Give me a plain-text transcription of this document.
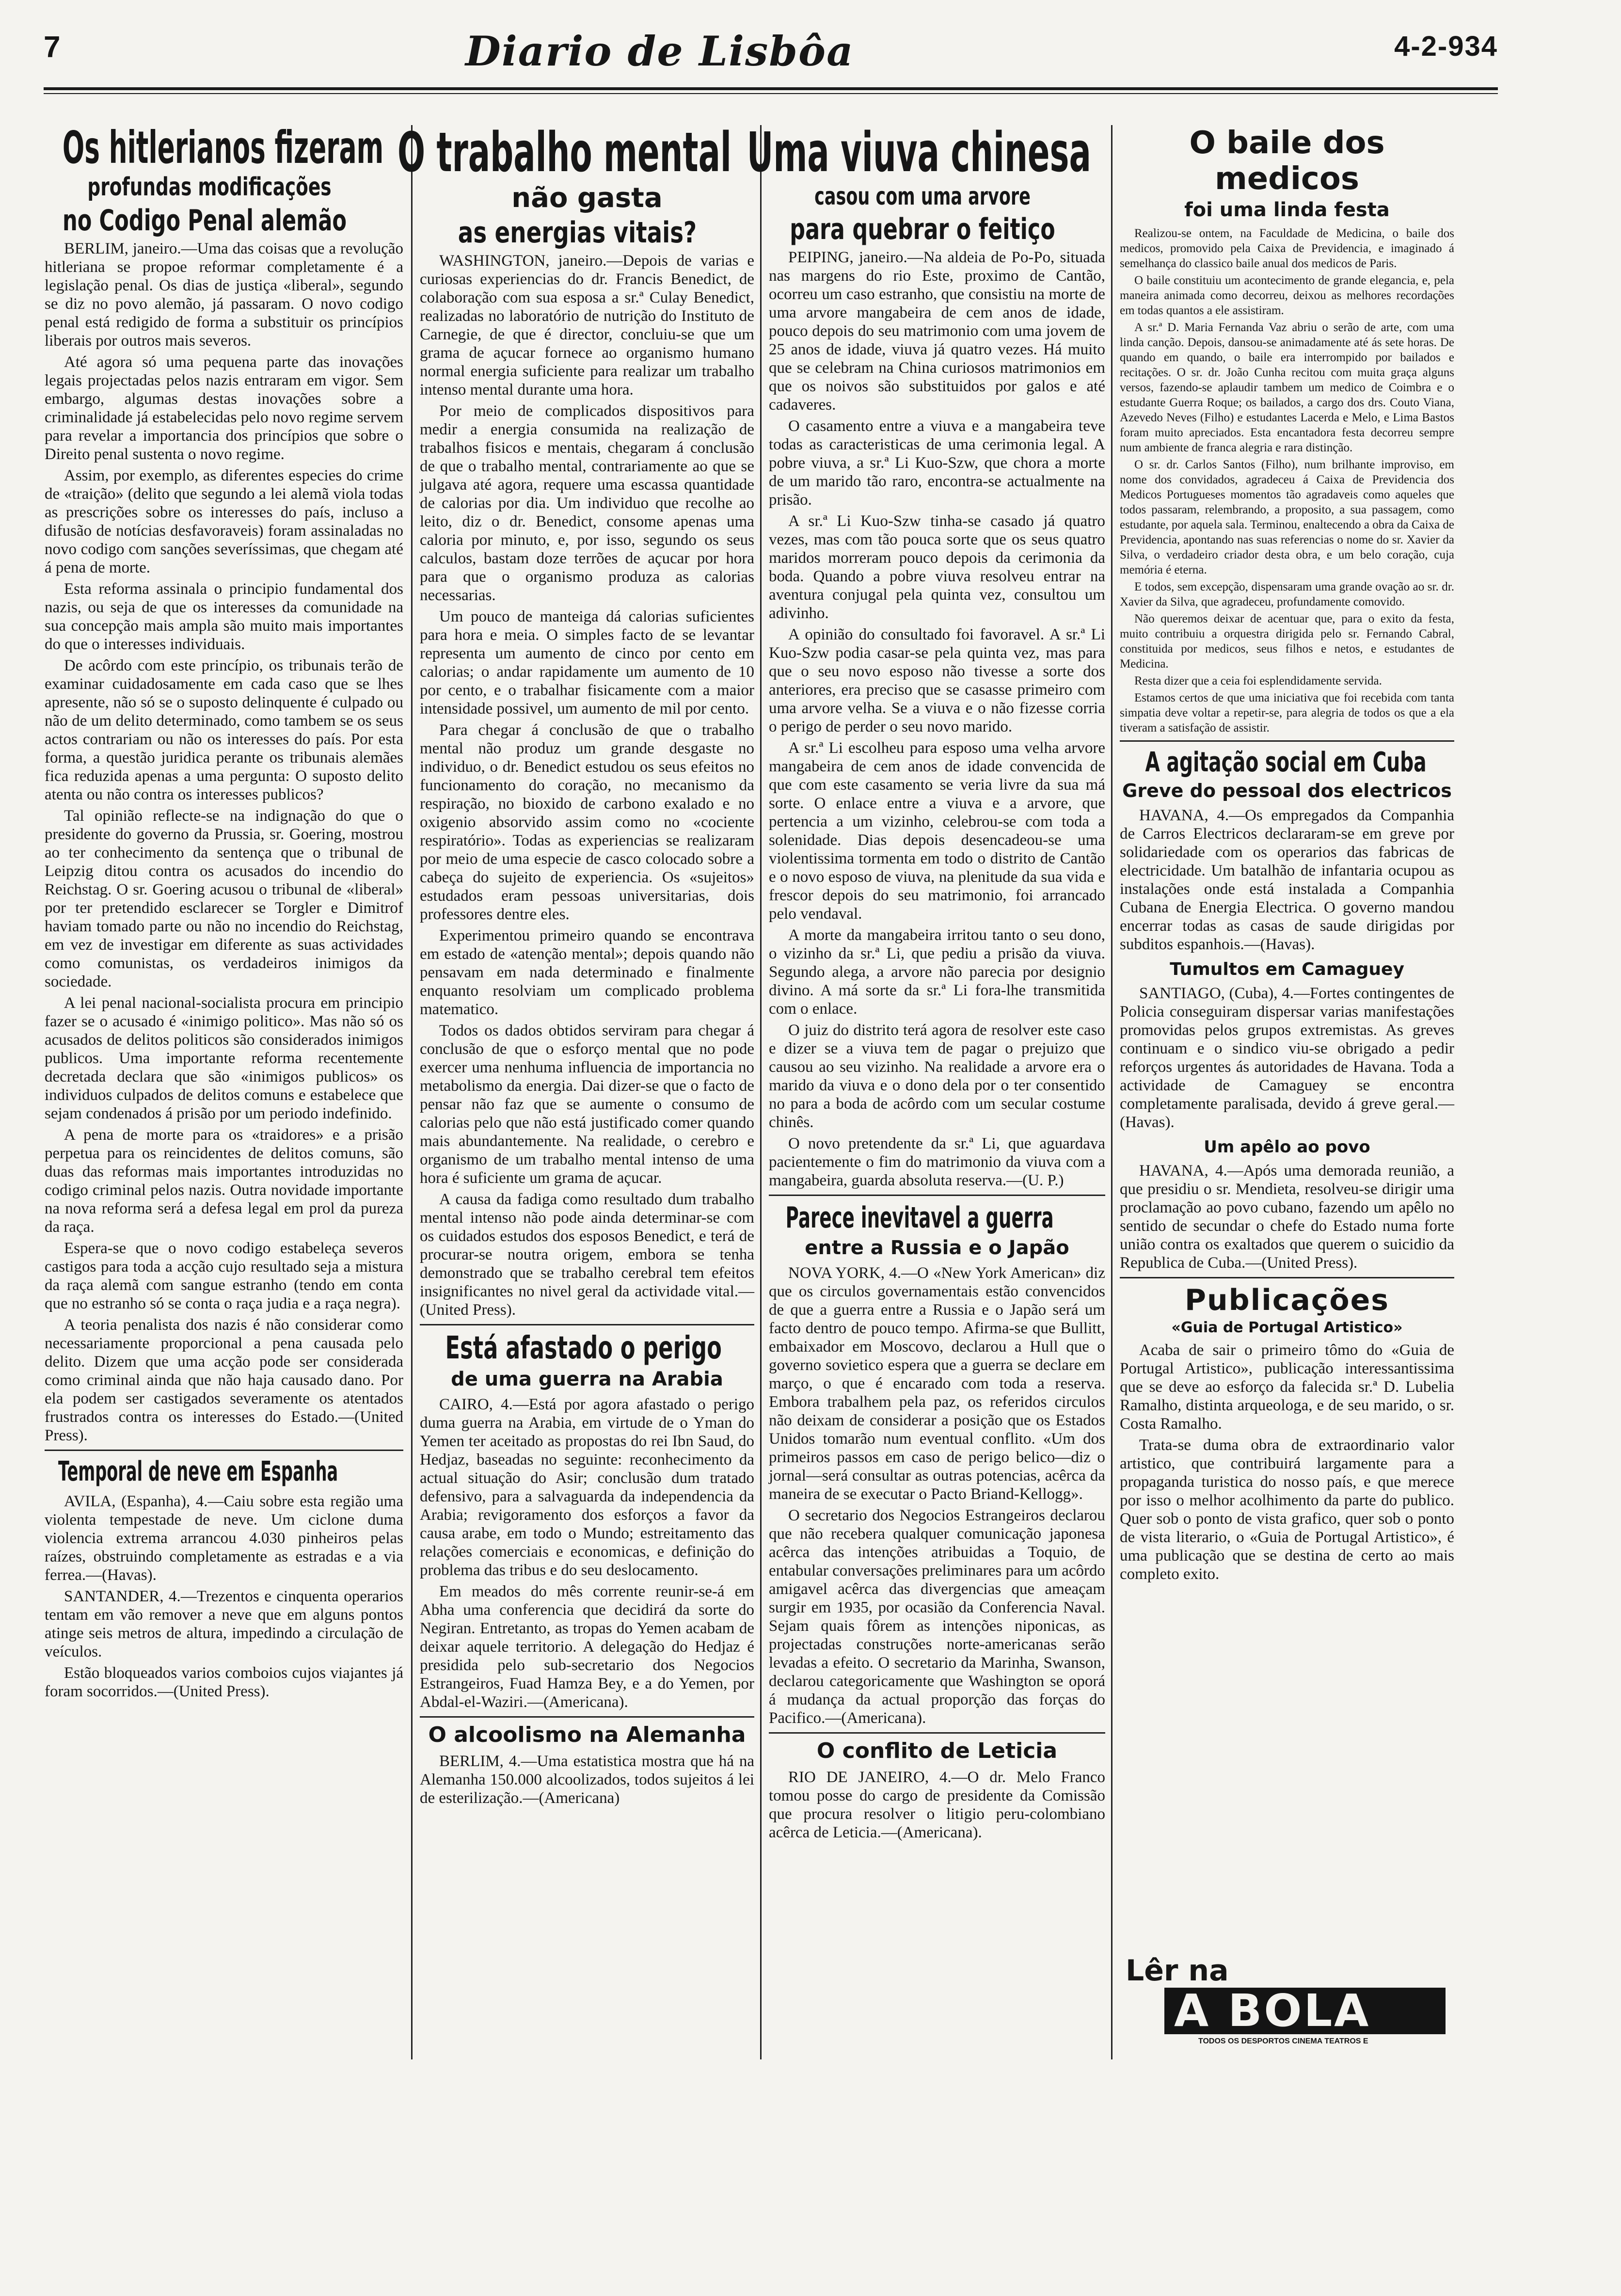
7	Diario de Lisbôa	4-2-934
Os hitlerianos fizeram
profundas modificações
no Codigo Penal alemão

BERLIM, janeiro.—Uma das coisas que a revolução hitleriana se propoe reformar completamente é a legislação penal. Os dias de justiça «liberal», segundo se diz no povo alemão, já passaram. O novo codigo penal está redigido de forma a substituir os princípios liberais por outros mais severos.

Até agora só uma pequena parte das inovações legais projectadas pelos nazis entraram em vigor. Sem embargo, algumas destas inovações sobre a criminalidade já estabelecidas pelo novo regime servem para revelar a importancia dos princípios que sobre o Direito penal sustenta o novo regime.

Assim, por exemplo, as diferentes especies do crime de «traição» (delito que segundo a lei alemã viola todas as prescrições sobre os interesses do país, incluso a difusão de notícias desfavoraveis) foram assinaladas no novo codigo com sanções severíssimas, que chegam até á pena de morte.

Esta reforma assinala o principio fundamental dos nazis, ou seja de que os interesses da comunidade na sua concepção mais ampla são muito mais importantes do que o interesses individuais.

De acôrdo com este princípio, os tribunais terão de examinar cuidadosamente em cada caso que se lhes apresente, não só se o suposto delinquente é culpado ou não de um delito determinado, como tambem se os seus actos contrariam ou não os interesses do país. Por esta forma, a questão juridica perante os tribunais alemães fica reduzida apenas a uma pergunta: O suposto delito atenta ou não contra os interesses publicos?

Tal opinião reflecte-se na indignação do que o presidente do governo da Prussia, sr. Goering, mostrou ao ter conhecimento da sentença que o tribunal de Leipzig ditou contra os acusados do incendio do Reichstag. O sr. Goering acusou o tribunal de «liberal» por ter pretendido esclarecer se Torgler e Dimitrof haviam tomado parte ou não no incendio do Reichstag, em vez de investigar em diferente as suas actividades como comunistas, os verdadeiros inimigos da sociedade.

A lei penal nacional-socialista procura em principio fazer se o acusado é «inimigo politico». Mas não só os acusados de delitos politicos são considerados inimigos publicos. Uma importante reforma recentemente decretada declara que são «inimigos publicos» os individuos culpados de delitos comuns e estabelece que sejam condenados á prisão por um periodo indefinido.

A pena de morte para os «traidores» e a prisão perpetua para os reincidentes de delitos comuns, são duas das reformas mais importantes introduzidas no codigo criminal pelos nazis. Outra novidade importante na nova reforma será a defesa legal em prol da pureza da raça.

Espera-se que o novo codigo estabeleça severos castigos para toda a acção cujo resultado seja a mistura da raça alemã com sangue estranho (tendo em conta que no estranho só se conta o raça judia e a raça negra).

A teoria penalista dos nazis é não considerar como necessariamente proporcional a pena causada pelo delito. Dizem que uma acção pode ser considerada como criminal ainda que não haja causado dano. Por ela podem ser castigados severamente os atentados frustrados contra os interesses do Estado.—(United Press).

Temporal de neve em Espanha

AVILA, (Espanha), 4.—Caiu sobre esta região uma violenta tempestade de neve. Um ciclone duma violencia extrema arrancou 4.030 pinheiros pelas raízes, obstruindo completamente as estradas e a via ferrea.—(Havas).

SANTANDER, 4.—Trezentos e cinquenta operarios tentam em vão remover a neve que em alguns pontos atinge seis metros de altura, impedindo a circulação de veículos.

Estão bloqueados varios comboios cujos viajantes já foram socorridos.—(United Press).

O trabalho mental
não gasta
as energias vitais?

WASHINGTON, janeiro.—Depois de varias e curiosas experiencias do dr. Francis Benedict, de colaboração com sua esposa a sr.ª Culay Benedict, realizadas no laboratório de nutrição do Instituto de Carnegie, de que é director, concluiu-se que um grama de açucar fornece ao organismo humano normal energia suficiente para realizar um trabalho intenso mental durante uma hora.

Por meio de complicados dispositivos para medir a energia consumida na realização de trabalhos fisicos e mentais, chegaram á conclusão de que o trabalho mental, contrariamente ao que se julgava até agora, requere uma escassa quantidade de calorias por dia. Um individuo que recolhe ao leito, diz o dr. Benedict, consome apenas uma caloria por minuto, e, por isso, segundo os seus calculos, bastam doze terrões de açucar por hora para que o organismo produza as calorias necessarias.

Um pouco de manteiga dá calorias suficientes para hora e meia. O simples facto de se levantar representa um aumento de cinco por cento em calorias; o andar rapidamente um aumento de 10 por cento, e o trabalhar fisicamente com a maior intensidade possivel, um aumento de mil por cento.

Para chegar á conclusão de que o trabalho mental não produz um grande desgaste no individuo, o dr. Benedict estudou os seus efeitos no funcionamento do coração, no mecanismo da respiração, no bioxido de carbono exalado e no oxigenio absorvido assim como no «cociente respiratório». Todas as experiencias se realizaram por meio de uma especie de casco colocado sobre a cabeça do sujeito de experiencia. Os «sujeitos» estudados eram pessoas universitarias, dois professores dentre eles.

Experimentou primeiro quando se encontrava em estado de «atenção mental»; depois quando não pensavam em nada determinado e finalmente enquanto resolviam um complicado problema matematico.

Todos os dados obtidos serviram para chegar á conclusão de que o esforço mental que no pode exercer uma nenhuma influencia de importancia no metabolismo da energia. Dai dizer-se que o facto de pensar não faz que se aumente o consumo de calorias pelo que não está justificado comer quando mais abundantemente. Na realidade, o cerebro e organismo de um trabalho mental intenso de uma hora é suficiente um grama de açucar.

A causa da fadiga como resultado dum trabalho mental intenso não pode ainda determinar-se com os cuidados estudos dos esposos Benedict, e terá de procurar-se noutra origem, embora se tenha demonstrado que se trabalho cerebral tem efeitos insignificantes no nivel geral da actividade vital.—(United Press).

Está afastado o perigo
de uma guerra na Arabia

CAIRO, 4.—Está por agora afastado o perigo duma guerra na Arabia, em virtude de o Yman do Yemen ter aceitado as propostas do rei Ibn Saud, do Hedjaz, baseadas no seguinte: reconhecimento da actual situação do Asir; conclusão dum tratado defensivo, para a salvaguarda da independencia da Arabia; revigoramento dos esforços a favor da causa arabe, em todo o Mundo; estreitamento das relações comerciais e economicas, e definição do problema das tribus e do seu deslocamento.

Em meados do mês corrente reunir-se-á em Abha uma conferencia que decidirá da sorte do Negiran. Entretanto, as tropas do Yemen acabam de deixar aquele territorio. A delegação do Hedjaz é presidida pelo sub-secretario dos Negocios Estrangeiros, Fuad Hamza Bey, e a do Yemen, por Abdal-el-Waziri.—(Americana).

O alcoolismo na Alemanha

BERLIM, 4.—Uma estatistica mostra que há na Alemanha 150.000 alcoolizados, todos sujeitos á lei de esterilização.—(Americana)

Uma viuva chinesa
casou com uma arvore
para quebrar o feitiço

PEIPING, janeiro.—Na aldeia de Po-Po, situada nas margens do rio Este, proximo de Cantão, ocorreu um caso estranho, que consistiu na morte de uma arvore mangabeira de cem anos de idade, pouco depois do seu matrimonio com uma jovem de 25 anos de idade, viuva já quatro vezes. Há muito que se celebram na China curiosos matrimonios em que os noivos são substituidos por galos e até cadaveres.

O casamento entre a viuva e a mangabeira teve todas as caracteristicas de uma cerimonia legal. A pobre viuva, a sr.ª Li Kuo-Szw, que chora a morte de um marido tão raro, encontra-se actualmente na prisão.

A sr.ª Li Kuo-Szw tinha-se casado já quatro vezes, mas com tão pouca sorte que os seus quatro maridos morreram pouco depois da cerimonia da boda. Quando a pobre viuva resolveu entrar na aventura conjugal pela quinta vez, consultou um adivinho.

A opinião do consultado foi favoravel. A sr.ª Li Kuo-Szw podia casar-se pela quinta vez, mas para que o seu novo esposo não tivesse a sorte dos anteriores, era preciso que se casasse primeiro com uma arvore velha. Se a viuva e o não fizesse corria o perigo de perder o seu novo marido.

A sr.ª Li escolheu para esposo uma velha arvore mangabeira de cem anos de idade convencida de que com este casamento se veria livre da sua má sorte. O enlace entre a viuva e a arvore, que pertencia a um vizinho, celebrou-se com toda a solenidade. Dias depois desencadeou-se uma violentissima tormenta em todo o distrito de Cantão e o novo esposo de viuva, na plenitude da sua vida e frescor depois do seu matrimonio, foi arrancado pelo vendaval.

A morte da mangabeira irritou tanto o seu dono, o vizinho da sr.ª Li, que pediu a prisão da viuva. Segundo alega, a arvore não parecia por designio divino. A má sorte da sr.ª Li fora-lhe transmitida com o enlace.

O juiz do distrito terá agora de resolver este caso e dizer se a viuva tem de pagar o prejuizo que causou ao seu vizinho. Na realidade a arvore era o marido da viuva e o dono dela por o ter consentido no para a boda de acôrdo com um secular costume chinês.

O novo pretendente da sr.ª Li, que aguardava pacientemente o fim do matrimonio da viuva com a mangabeira, guarda absoluta reserva.—(U. P.)

Parece inevitavel a guerra
entre a Russia e o Japão

NOVA YORK, 4.—O «New York American» diz que os circulos governamentais estão convencidos de que a guerra entre a Russia e o Japão será um facto dentro de pouco tempo. Afirma-se que Bullitt, embaixador em Moscovo, declarou a Hull que o governo sovietico espera que a guerra se declare em março, o que é encarado com toda a reserva. Embora trabalhem pela paz, os referidos circulos não deixam de considerar a posição que os Estados Unidos tomarão num eventual conflito. «Um dos primeiros passos em caso de perigo belico—diz o jornal—será consultar as outras potencias, acêrca da maneira de se executar o Pacto Briand-Kellogg».

O secretario dos Negocios Estrangeiros declarou que não recebera qualquer comunicação japonesa acêrca das intenções atribuidas a Toquio, de entabular conversações preliminares para um acôrdo amigavel acêrca das divergencias que ameaçam surgir em 1935, por ocasião da Conferencia Naval. Sejam quais fôrem as intenções niponicas, as projectadas construções norte-americanas serão levadas a efeito. O secretario da Marinha, Swanson, declarou categoricamente que Washington se oporá á mudança da actual proporção das forças do Pacifico.—(Americana).

O conflito de Leticia

RIO DE JANEIRO, 4.—O dr. Melo Franco tomou posse do cargo de presidente da Comissão que procura resolver o litigio peru-colombiano acêrca de Leticia.—(Americana).

O baile dos medicos
foi uma linda festa

Realizou-se ontem, na Faculdade de Medicina, o baile dos medicos, promovido pela Caixa de Previdencia, e imaginado á semelhança do classico baile anual dos medicos de Paris.

O baile constituiu um acontecimento de grande elegancia, e, pela maneira animada como decorreu, deixou as melhores recordações em todas quantos a ele assistiram.

A sr.ª D. Maria Fernanda Vaz abriu o serão de arte, com uma linda canção. Depois, dansou-se animadamente até ás sete horas. De quando em quando, o baile era interrompido por bailados e recitações. O sr. dr. João Cunha recitou com muita graça alguns versos, fazendo-se aplaudir tambem um medico de Coimbra e o estudante Guerra Roque; os bailados, a cargo dos drs. Couto Viana, Azevedo Neves (Filho) e estudantes Lacerda e Melo, e Lima Bastos foram muito apreciados. Esta encantadora festa decorreu sempre num ambiente de franca alegria e rara distinção.

O sr. dr. Carlos Santos (Filho), num brilhante improviso, em nome dos convidados, agradeceu á Caixa de Previdencia dos Medicos Portugueses momentos tão agradaveis como aqueles que todos passaram, relembrando, a proposito, a sua passagem, como estudante, por aquela sala. Terminou, enaltecendo a obra da Caixa de Previdencia, apontando nas suas referencias o nome do sr. Xavier da Silva, o verdadeiro criador desta obra, e um belo coração, cuja memória é eterna.

E todos, sem excepção, dispensaram uma grande ovação ao sr. dr. Xavier da Silva, que agradeceu, profundamente comovido.

Não queremos deixar de acentuar que, para o exito da festa, muito contribuiu a orquestra dirigida pelo sr. Fernando Cabral, constituida por medicos, seus filhos e netos, e estudantes de Medicina.

Resta dizer que a ceia foi esplendidamente servida.

Estamos certos de que uma iniciativa que foi recebida com tanta simpatia deve voltar a repetir-se, para alegria de todos os que a ela tiveram a satisfação de assistir.

A agitação social em Cuba
Greve do pessoal dos electricos

HAVANA, 4.—Os empregados da Companhia de Carros Electricos declararam-se em greve por solidariedade com os operarios das fabricas de electricidade. Um batalhão de infantaria ocupou as instalações onde está instalada a Companhia Cubana de Energia Electrica. O governo mandou encerrar todas as casas de saude dirigidas por subditos espanhois.—(Havas).

Tumultos em Camaguey

SANTIAGO, (Cuba), 4.—Fortes contingentes de Policia conseguiram dispersar varias manifestações promovidas pelos grupos extremistas. As greves continuam e o sindico viu-se obrigado a pedir reforços urgentes ás autoridades de Havana. Toda a actividade de Camaguey se encontra completamente paralisada, devido á greve geral.—(Havas).

Um apêlo ao povo

HAVANA, 4.—Após uma demorada reunião, a que presidiu o sr. Mendieta, resolveu-se dirigir uma proclamação ao povo cubano, fazendo um apêlo no sentido de secundar o chefe do Estado numa forte união contra os exaltados que querem o suicidio da Republica de Cuba.—(United Press).

Publicações
«Guia de Portugal Artistico»

Acaba de sair o primeiro tômo do «Guia de Portugal Artistico», publicação interessantissima que se deve ao esforço da falecida sr.ª D. Lubelia Ramalho, distinta arqueologa, e de seu marido, o sr. Costa Ramalho.

Trata-se duma obra de extraordinario valor artistico, que contribuirá largamente para a propaganda turistica do nosso país, e que merece por isso o melhor acolhimento da parte do publico. Quer sob o ponto de vista grafico, quer sob o ponto de vista literario, o «Guia de Portugal Artistico», é uma publicação que se destina de certo ao mais completo exito.

Lêr na
A BOLA
TODOS OS DESPORTOS CINEMA TEATROS E
